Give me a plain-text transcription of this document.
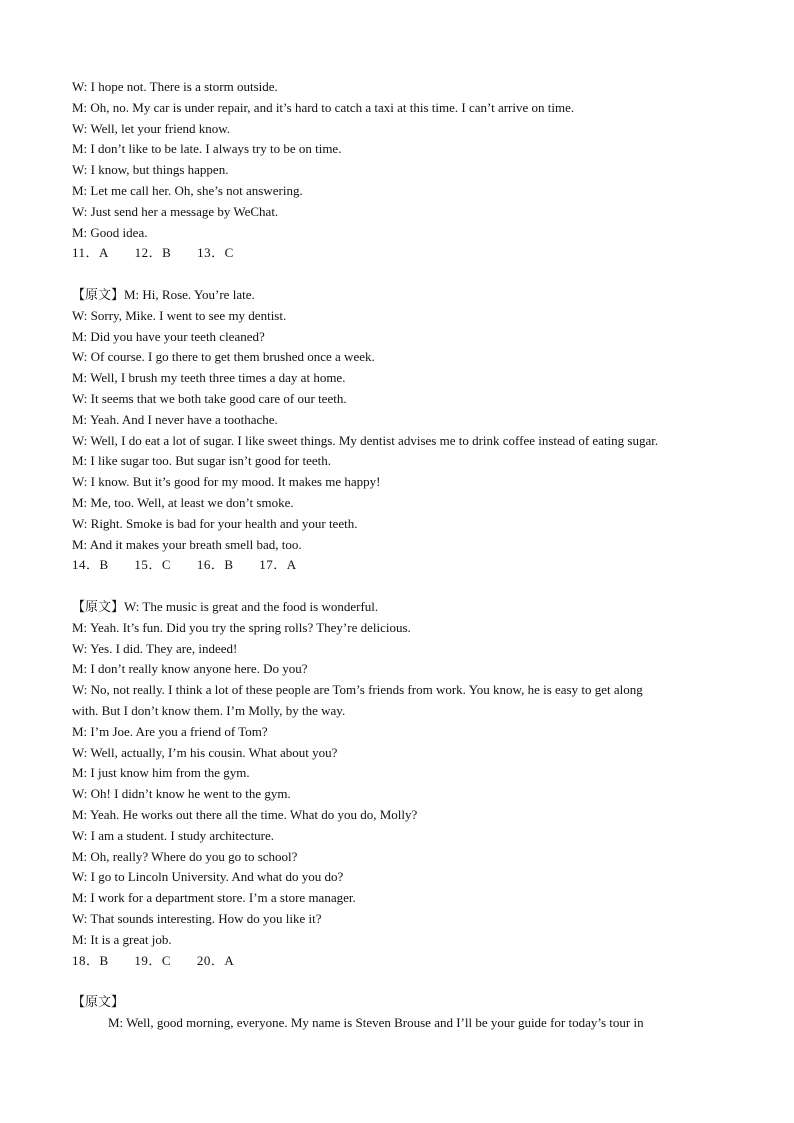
W: I hope not. There is a storm outside.
M: Oh, no. My car is under repair, and it’s hard to catch a taxi at this time. I can’t arrive on time.
W: Well, let your friend know.
M: I don’t like to be late. I always try to be on time.
W: I know, but things happen.
M: Let me call her. Oh, she’s not answering.
W: Just send her a message by WeChat.
M: Good idea.
11．A 12．B 13．C
【原文】M: Hi, Rose. You’re late.
W: Sorry, Mike. I went to see my dentist.
M: Did you have your teeth cleaned?
W: Of course. I go there to get them brushed once a week.
M: Well, I brush my teeth three times a day at home.
W: It seems that we both take good care of our teeth.
M: Yeah. And I never have a toothache.
W: Well, I do eat a lot of sugar. I like sweet things. My dentist advises me to drink coffee instead of eating sugar.
M: I like sugar too. But sugar isn’t good for teeth.
W: I know. But it’s good for my mood. It makes me happy!
M: Me, too. Well, at least we don’t smoke.
W: Right. Smoke is bad for your health and your teeth.
M: And it makes your breath smell bad, too.
14．B 15．C 16．B 17．A
【原文】W: The music is great and the food is wonderful.
M: Yeah. It’s fun. Did you try the spring rolls? They’re delicious.
W: Yes. I did. They are, indeed!
M: I don’t really know anyone here. Do you?
W: No, not really. I think a lot of these people are Tom’s friends from work. You know, he is easy to get along
with. But I don’t know them. I’m Molly, by the way.
M: I’m Joe. Are you a friend of Tom?
W: Well, actually, I’m his cousin. What about you?
M: I just know him from the gym.
W: Oh! I didn’t know he went to the gym.
M: Yeah. He works out there all the time. What do you do, Molly?
W: I am a student. I study architecture.
M: Oh, really? Where do you go to school?
W: I go to Lincoln University. And what do you do?
M: I work for a department store. I’m a store manager.
W: That sounds interesting. How do you like it?
M: It is a great job.
18．B 19．C 20．A
【原文】
M: Well, good morning, everyone. My name is Steven Brouse and I’ll be your guide for today’s tour in
